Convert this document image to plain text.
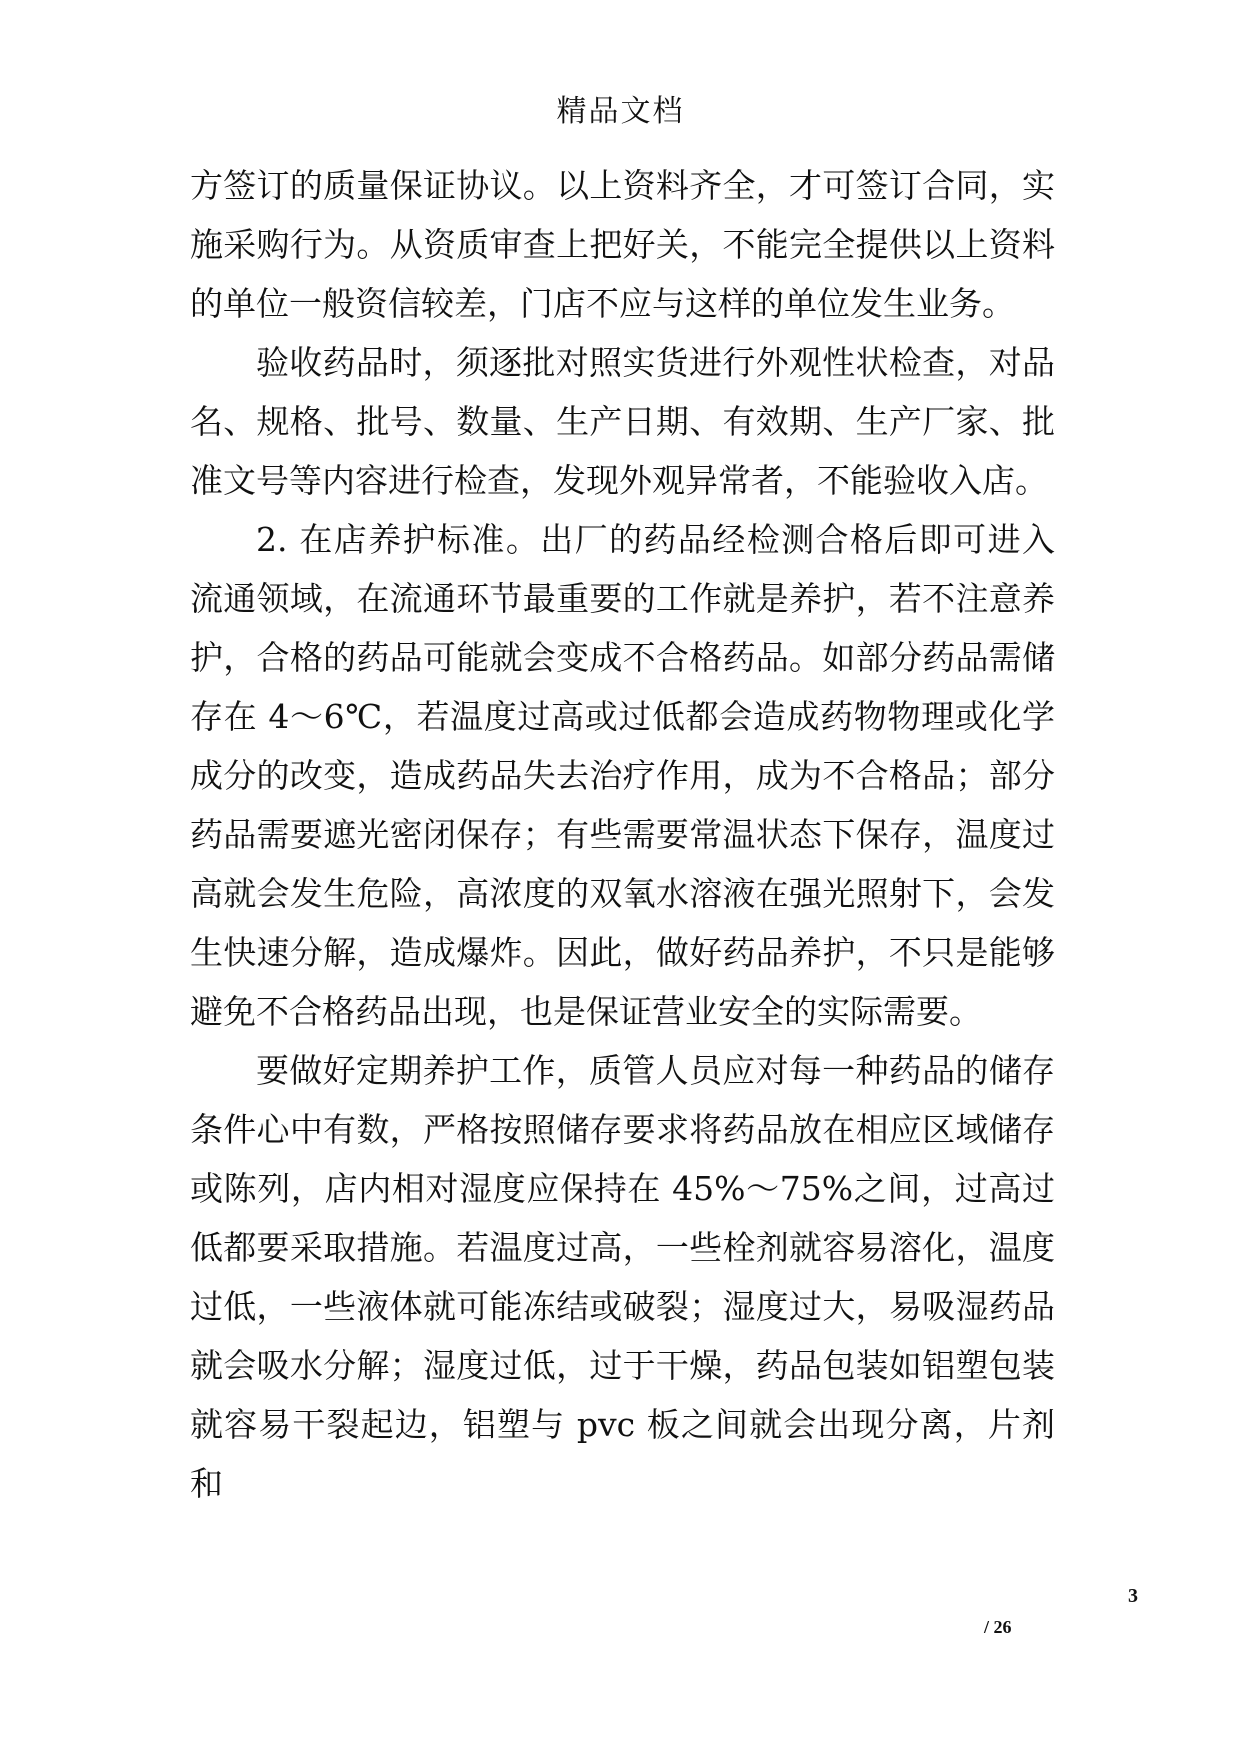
精品文档

方签订的质量保证协议。以上资料齐全，才可签订合同，实施采购行为。从资质审查上把好关，不能完全提供以上资料的单位一般资信较差，门店不应与这样的单位发生业务。

验收药品时，须逐批对照实货进行外观性状检查，对品名、规格、批号、数量、生产日期、有效期、生产厂家、批准文号等内容进行检查，发现外观异常者，不能验收入店。

2. 在店养护标准。出厂的药品经检测合格后即可进入流通领域，在流通环节最重要的工作就是养护，若不注意养护，合格的药品可能就会变成不合格药品。如部分药品需储存在 4～6℃，若温度过高或过低都会造成药物物理或化学成分的改变，造成药品失去治疗作用，成为不合格品；部分药品需要遮光密闭保存；有些需要常温状态下保存，温度过高就会发生危险，高浓度的双氧水溶液在强光照射下，会发生快速分解，造成爆炸。因此，做好药品养护，不只是能够避免不合格药品出现，也是保证营业安全的实际需要。

要做好定期养护工作，质管人员应对每一种药品的储存条件心中有数，严格按照储存要求将药品放在相应区域储存或陈列，店内相对湿度应保持在 45%～75%之间，过高过低都要采取措施。若温度过高，一些栓剂就容易溶化，温度过低，一些液体就可能冻结或破裂；湿度过大，易吸湿药品就会吸水分解；湿度过低，过于干燥，药品包装如铝塑包装就容易干裂起边，铝塑与 pvc 板之间就会出现分离，片剂和

3
/ 26
